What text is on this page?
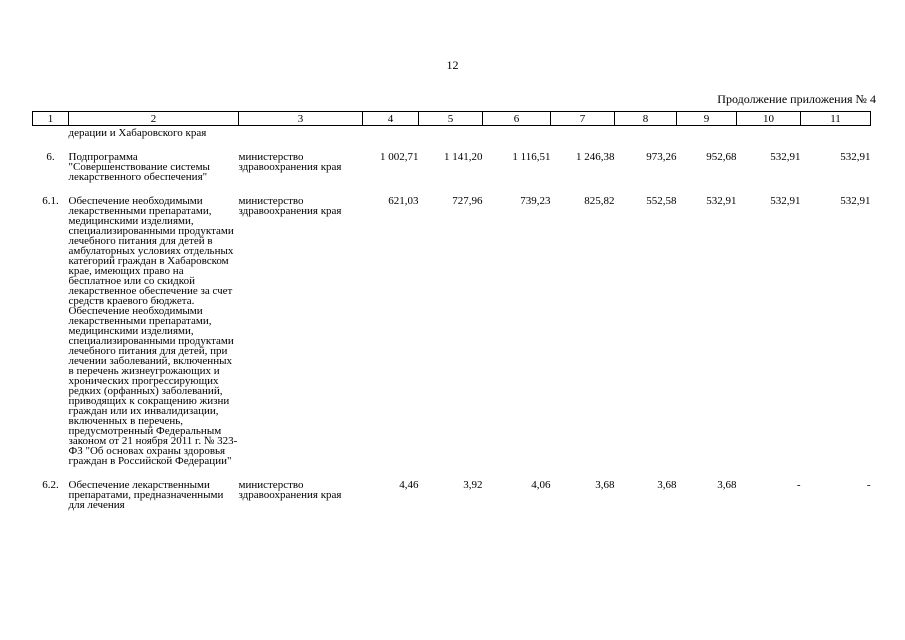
12
Продолжение приложения № 4
1	2	3	4	5	6	7	8	9	10	11
	дерации и Хабаровского края									
6.	Подпрограмма "Совершенствование системы лекарственного обеспечения"	министерство здравоохранения края	1 002,71	1 141,20	1 116,51	1 246,38	973,26	952,68	532,91	532,91
6.1.	Обеспечение необходимыми лекарственными препаратами, медицинскими изделиями, специализированными продуктами лечебного питания для детей в амбулаторных условиях отдельных категорий граждан в Хабаровском крае, имеющих право на бесплатное или со скидкой лекарственное обеспечение за счет средств краевого бюджета. Обеспечение необходимыми лекарственными препаратами, медицинскими изделиями, специализированными продуктами лечебного питания для детей, при лечении заболеваний, включенных в перечень жизнеугрожающих и хронических прогрессирующих редких (орфанных) заболеваний, приводящих к сокращению жизни граждан или их инвалидизации, включенных в перечень, предусмотренный Федеральным законом от 21 ноября 2011 г. № 323-ФЗ "Об основах охраны здоровья граждан в Российской Федерации"	министерство здравоохранения края	621,03	727,96	739,23	825,82	552,58	532,91	532,91	532,91
6.2.	Обеспечение лекарственными препаратами, предназначенными для лечения	министерство здравоохранения края	4,46	3,92	4,06	3,68	3,68	3,68	-	-
